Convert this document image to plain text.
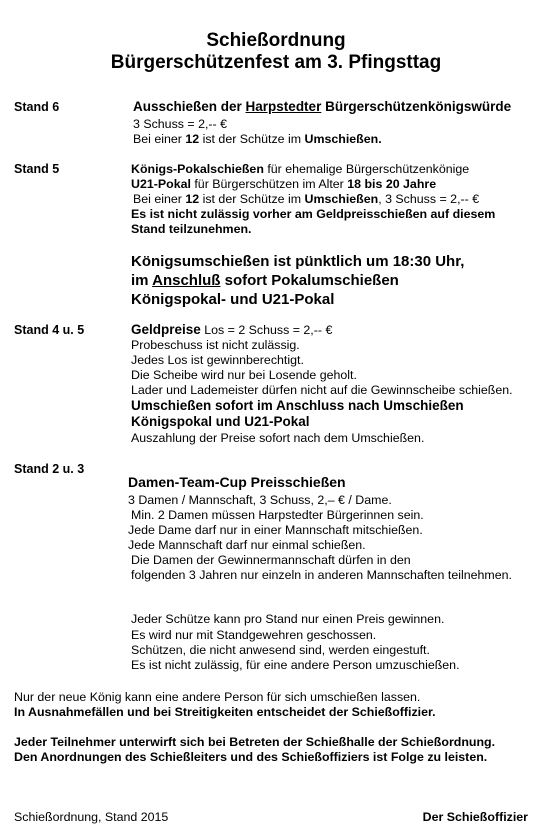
Schießordnung
Bürgerschützenfest am 3. Pfingsttag
Stand 6	Ausschießen der Harpstedter Bürgerschützenkönigswürde
3 Schuss = 2,-- €
Bei einer 12 ist der Schütze im Umschießen.
Stand 5	Königs-Pokalschießen für ehemalige Bürgerschützenkönige
U21-Pokal für Bürgerschützen im Alter 18 bis 20 Jahre
Bei einer 12 ist der Schütze im Umschießen, 3 Schuss = 2,-- €
Es ist nicht zulässig vorher am Geldpreisschießen auf diesem
Stand teilzunehmen.
Königsumschießen ist pünktlich um 18:30 Uhr,
im Anschluß sofort Pokalumschießen
Königspokal- und U21-Pokal
Stand 4 u. 5	Geldpreise Los = 2 Schuss = 2,-- €
Probeschuss ist nicht zulässig.
Jedes Los ist gewinnberechtigt.
Die Scheibe wird nur bei Losende geholt.
Lader und Lademeister dürfen nicht auf die Gewinnscheibe schießen.
Umschießen sofort im Anschluss nach Umschießen
Königspokal und U21-Pokal
Auszahlung der Preise sofort nach dem Umschießen.
Stand 2 u. 3
Damen-Team-Cup Preisschießen
3 Damen / Mannschaft, 3 Schuss, 2,– € / Dame.
Min. 2 Damen müssen Harpstedter Bürgerinnen sein.
Jede Dame darf nur in einer Mannschaft mitschießen.
Jede Mannschaft darf nur einmal schießen.
Die Damen der Gewinnermannschaft dürfen in den
folgenden 3 Jahren nur einzeln in anderen Mannschaften teilnehmen.
Jeder Schütze kann pro Stand nur einen Preis gewinnen.
Es wird nur mit Standgewehren geschossen.
Schützen, die nicht anwesend sind, werden eingestuft.
Es ist nicht zulässig, für eine andere Person umzuschießen.
Nur der neue König kann eine andere Person für sich umschießen lassen.
In Ausnahmefällen und bei Streitigkeiten entscheidet der Schießoffizier.
Jeder Teilnehmer unterwirft sich bei Betreten der Schießhalle der Schießordnung.
Den Anordnungen des Schießleiters und des Schießoffiziers ist Folge zu leisten.
Schießordnung, Stand 2015	Der Schießoffizier
